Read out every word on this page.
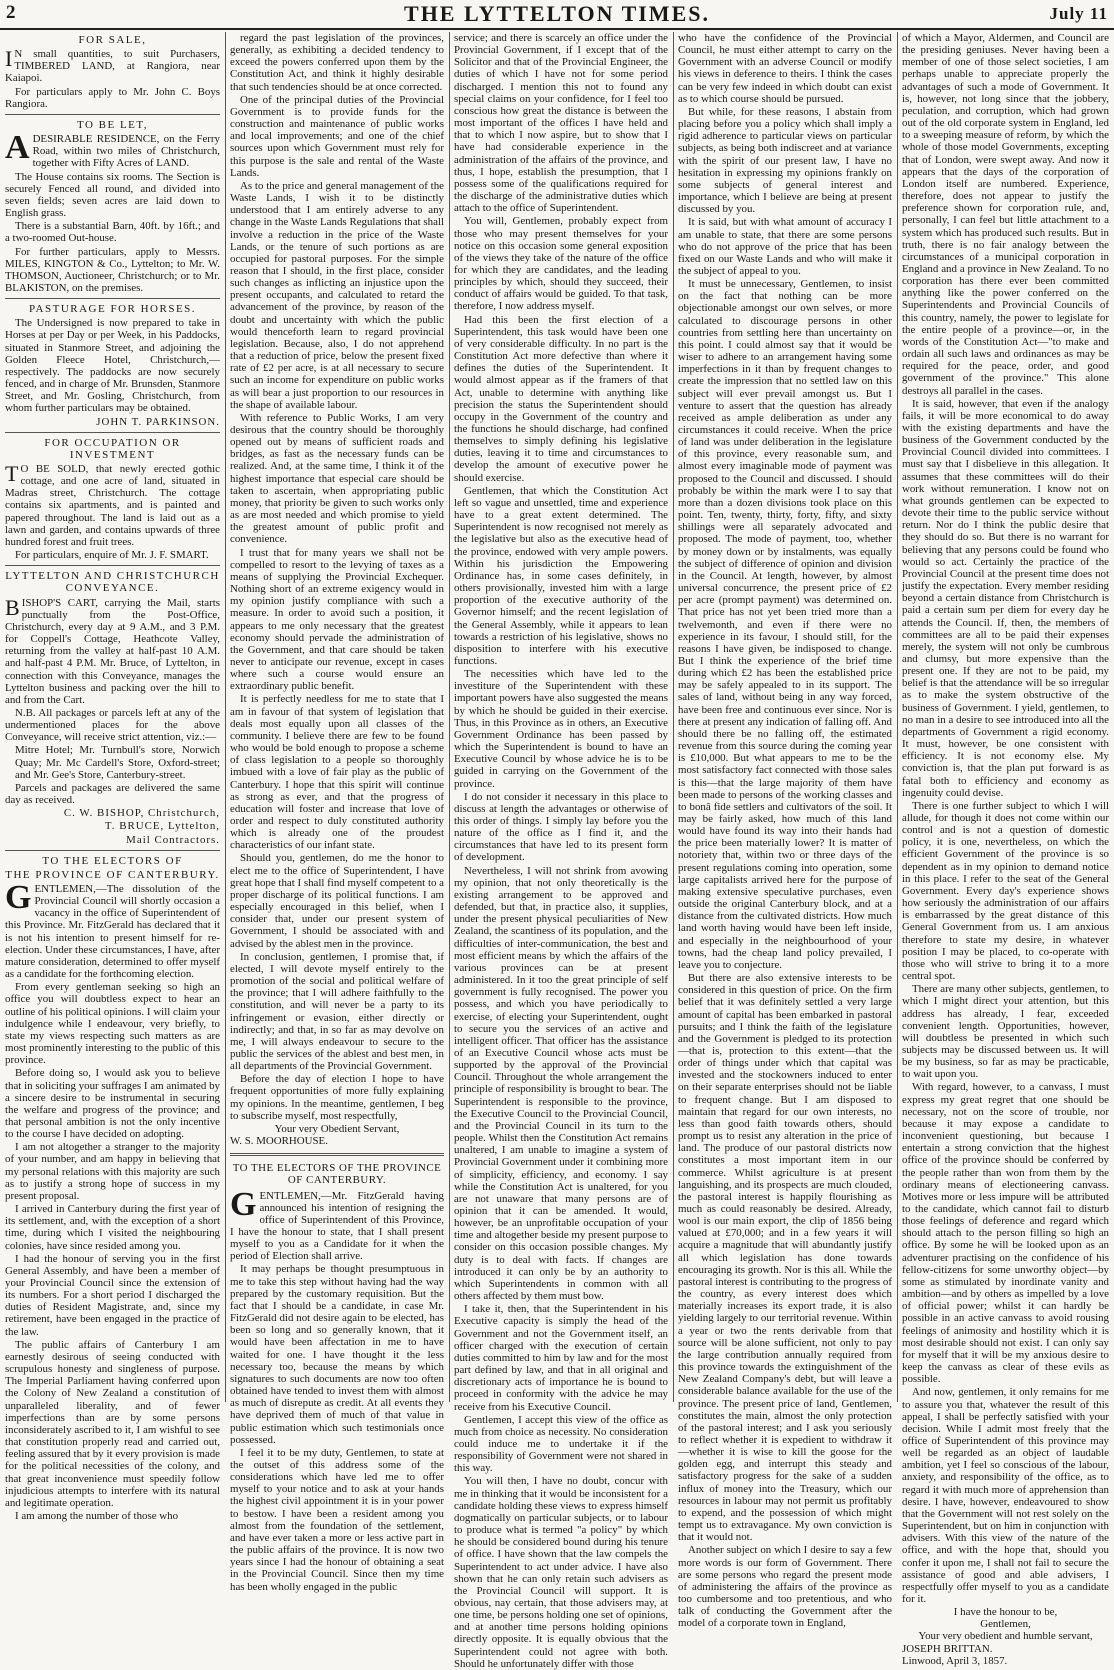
2	THE LYTTELTON TIMES.	July 11
FOR SALE,

I N small quantities, to suit Purchasers, TIMBERED LAND, at Rangiora, near Kaiapoi.

For particulars apply to Mr. John C. Boys Rangiora.

TO BE LET,

ADESIRABLE RESIDENCE, on the Ferry Road, within two miles of Christchurch, together with Fifty Acres of LAND.

The House contains six rooms. The Section is securely Fenced all round, and divided into seven fields; seven acres are laid down to English grass.

There is a substantial Barn, 40ft. by 16ft.; and a two-roomed Out-house.

For further particulars, apply to Messrs. MILES, KINGTON & Co., Lyttelton; to Mr. W. THOMSON, Auctioneer, Christchurch; or to Mr. BLAKISTON, on the premises.

PASTURAGE FOR HORSES.

The Undersigned is now prepared to take in Horses at per Day or per Week, in his Paddocks, situated in Stanmore Street, and adjoining the Golden Fleece Hotel, Christchurch,—respectively. The paddocks are now securely fenced, and in charge of Mr. Brunsden, Stanmore Street, and Mr. Gosling, Christchurch, from whom further particulars may be obtained.

JOHN T. PARKINSON.
FOR OCCUPATION OR INVESTMENT

T O BE SOLD, that newly erected gothic cottage, and one acre of land, situated in Madras street, Christchurch. The cottage contains six apartments, and is painted and papered throughout. The land is laid out as a lawn and garden, and contains upwards of three hundred forest and fruit trees.

For particulars, enquire of Mr. J. F. SMART.

LYTTELTON AND CHRISTCHURCH CONVEYANCE.

BISHOP'S CART, carrying the Mail, starts punctually from the Post-Office, Christchurch, every day at 9 A.M., and 3 P.M. for Coppell's Cottage, Heathcote Valley, returning from the valley at half-past 10 A.M. and half-past 4 P.M. Mr. Bruce, of Lyttelton, in connection with this Conveyance, manages the Lyttelton business and packing over the hill to and from the Cart.

N.B. All packages or parcels left at any of the undermentioned places for the above Conveyance, will receive strict attention, viz.:—

Mitre Hotel; Mr. Turnbull's store, Norwich Quay; Mr. Mc Cardell's Store, Oxford-street; and Mr. Gee's Store, Canterbury-street.

Parcels and packages are delivered the same day as received.

C. W. BISHOP, Christchurch,
T. BRUCE, Lyttelton,
Mail Contractors.
TO THE ELECTORS OF
THE PROVINCE OF CANTERBURY.

GENTLEMEN,—The dissolution of the Provincial Council will shortly occasion a vacancy in the office of Superintendent of this Province. Mr. FitzGerald has declared that it is not his intention to present himself for re-election. Under these circumstances, I have, after mature consideration, determined to offer myself as a candidate for the forthcoming election.

From every gentleman seeking so high an office you will doubtless expect to hear an outline of his political opinions. I will claim your indulgence while I endeavour, very briefly, to state my views respecting such matters as are most prominently interesting to the public of this province.

Before doing so, I would ask you to believe that in soliciting your suffrages I am animated by a sincere desire to be instrumental in securing the welfare and progress of the province; and that personal ambition is not the only incentive to the course I have decided on adopting.

I am not altogether a stranger to the majority of your number, and am happy in believing that my personal relations with this majority are such as to justify a strong hope of success in my present proposal.

I arrived in Canterbury during the first year of its settlement, and, with the exception of a short time, during which I visited the neighbouring colonies, have since resided among you.

I had the honour of serving you in the first General Assembly, and have been a member of your Provincial Council since the extension of its numbers. For a short period I discharged the duties of Resident Magistrate, and, since my retirement, have been engaged in the practice of the law.

The public affairs of Canterbury I am earnestly desirous of seeing conducted with scrupulous honesty and singleness of purpose. The Imperial Parliament having conferred upon the Colony of New Zealand a constitution of unparalleled liberality, and of fewer imperfections than are by some persons inconsiderately ascribed to it, I am wishful to see that constitution properly read and carried out, feeling assured that by it every provision is made for the political necessities of the colony, and that great inconvenience must speedily follow injudicious attempts to interfere with its natural and legitimate operation.

I am among the number of those who

regard the past legislation of the provinces, generally, as exhibiting a decided tendency to exceed the powers conferred upon them by the Constitution Act, and think it highly desirable that such tendencies should be at once corrected.

One of the principal duties of the Provincial Government is to provide funds for the construction and maintenance of public works and local improvements; and one of the chief sources upon which Government must rely for this purpose is the sale and rental of the Waste Lands.

As to the price and general management of the Waste Lands, I wish it to be distinctly understood that I am entirely adverse to any change in the Waste Lands Regulations that shall involve a reduction in the price of the Waste Lands, or the tenure of such portions as are occupied for pastoral purposes. For the simple reason that I should, in the first place, consider such changes as inflicting an injustice upon the present occupants, and calculated to retard the advancement of the province, by reason of the doubt and uncertainty with which the public would thenceforth learn to regard provincial legislation. Because, also, I do not apprehend that a reduction of price, below the present fixed rate of £2 per acre, is at all necessary to secure such an income for expenditure on public works as will bear a just proportion to our resources in the shape of available labour.

With reference to Public Works, I am very desirous that the country should be thoroughly opened out by means of sufficient roads and bridges, as fast as the necessary funds can be realized. And, at the same time, I think it of the highest importance that especial care should be taken to ascertain, when appropriating public money, that priority be given to such works only as are most needed and which promise to yield the greatest amount of public profit and convenience.

I trust that for many years we shall not be compelled to resort to the levying of taxes as a means of supplying the Provincial Exchequer. Nothing short of an extreme exigency would in my opinion justify compliance with such a measure. In order to avoid such a position, it appears to me only necessary that the greatest economy should pervade the administration of the Government, and that care should be taken never to anticipate our revenue, except in cases where such a course would ensure an extraordinary public benefit.

It is perfectly needless for me to state that I am in favour of that system of legislation that deals most equally upon all classes of the community. I believe there are few to be found who would be bold enough to propose a scheme of class legislation to a people so thoroughly imbued with a love of fair play as the public of Canterbury. I hope that this spirit will continue as strong as ever, and that the progress of education will foster and increase that love of order and respect to duly constituted authority which is already one of the proudest characteristics of our infant state.

Should you, gentlemen, do me the honor to elect me to the office of Superintendent, I have great hope that I shall find myself competent to a proper discharge of its political functions. I am especially encouraged in this belief, when I consider that, under our present system of Government, I should be associated with and advised by the ablest men in the province.

In conclusion, gentlemen, I promise that, if elected, I will devote myself entirely to the promotion of the social and political welfare of the province; that I will adhere faithfully to the constitution, and will never be a party to its infringement or evasion, either directly or indirectly; and that, in so far as may devolve on me, I will always endeavour to secure to the public the services of the ablest and best men, in all departments of the Provincial Government.

Before the day of election I hope to have frequent opportunities of more fully explaining my opinions. In the meantime, gentlemen, I beg to subscribe myself, most respectfully,

Your very Obedient Servant,
W. S. MOORHOUSE.
TO THE ELECTORS OF THE PROVINCE
OF CANTERBURY.

GENTLEMEN,—Mr. FitzGerald having announced his intention of resigning the office of Superintendent of this Province, I have the honour to state, that I shall present myself to you as a Candidate for it when the period of Election shall arrive.

It may perhaps be thought presumptuous in me to take this step without having had the way prepared by the customary requisition. But the fact that I should be a candidate, in case Mr. FitzGerald did not desire again to be elected, has been so long and so generally known, that it would have been affectation in me to have waited for one. I have thought it the less necessary too, because the means by which signatures to such documents are now too often obtained have tended to invest them with almost as much of disrepute as credit. At all events they have deprived them of much of that value in public estimation which such testimonials once possessed.

I feel it to be my duty, Gentlemen, to state at the outset of this address some of the considerations which have led me to offer myself to your notice and to ask at your hands the highest civil appointment it is in your power to bestow. I have been a resident among you almost from the foundation of the settlement, and have ever taken a more or less active part in the public affairs of the province. It is now two years since I had the honour of obtaining a seat in the Provincial Council. Since then my time has been wholly engaged in the public

service; and there is scarcely an office under the Provincial Government, if I except that of the Solicitor and that of the Provincial Engineer, the duties of which I have not for some period discharged. I mention this not to found any special claims on your confidence, for I feel too conscious how great the distance is between the most important of the offices I have held and that to which I now aspire, but to show that I have had considerable experience in the administration of the affairs of the province, and thus, I hope, establish the presumption, that I possess some of the qualifications required for the discharge of the administrative duties which attach to the office of Superintendent.

You will, Gentlemen, probably expect from those who may present themselves for your notice on this occasion some general exposition of the views they take of the nature of the office for which they are candidates, and the leading principles by which, should they succeed, their conduct of affairs would be guided. To that task, therefore, I now address myself.

Had this been the first election of a Superintendent, this task would have been one of very considerable difficulty. In no part is the Constitution Act more defective than where it defines the duties of the Superintendent. It would almost appear as if the framers of that Act, unable to determine with anything like precision the status the Superintendent should occupy in the Government of the country and the functions he should discharge, had confined themselves to simply defining his legislative duties, leaving it to time and circumstances to develop the amount of executive power he should exercise.

Gentlemen, that which the Constitution Act left so vague and unsettled, time and experience have to a great extent determined. The Superintendent is now recognised not merely as the legislative but also as the executive head of the province, endowed with very ample powers. Within his jurisdiction the Empowering Ordinance has, in some cases definitely, in others provisionally, invested him with a large proportion of the executive authority of the Governor himself; and the recent legislation of the General Assembly, while it appears to lean towards a restriction of his legislative, shows no disposition to interfere with his executive functions.

The necessities which have led to the investiture of the Superintendent with these important powers have also suggested the means by which he should be guided in their exercise. Thus, in this Province as in others, an Executive Government Ordinance has been passed by which the Superintendent is bound to have an Executive Council by whose advice he is to be guided in carrying on the Government of the province.

I do not consider it necessary in this place to discuss at length the advantages or otherwise of this order of things. I simply lay before you the nature of the office as I find it, and the circumstances that have led to its present form of development.

Nevertheless, I will not shrink from avowing my opinion, that not only theoretically is the existing arrangement to be approved and defended, but that, in practice also, it supplies, under the present physical peculiarities of New Zealand, the scantiness of its population, and the difficulties of inter-communication, the best and most efficient means by which the affairs of the various provinces can be at present administered. In it too the great principle of self government is fully recognised. The power you possess, and which you have periodically to exercise, of electing your Superintendent, ought to secure you the services of an active and intelligent officer. That officer has the assistance of an Executive Council whose acts must be supported by the approval of the Provincial Council. Throughout the whole arrangement the principle of responsibility is brought to bear. The Superintendent is responsible to the province, the Executive Council to the Provincial Council, and the Provincial Council in its turn to the people. Whilst then the Constitution Act remains unaltered, I am unable to imagine a system of Provincial Government under it combining more of simplicity, efficiency, and economy. I say while the Constitution Act is unaltered, for you are not unaware that many persons are of opinion that it can be amended. It would, however, be an unprofitable occupation of your time and altogether beside my present purpose to consider on this occasion possible changes. My duty is to deal with facts. If changes are introduced it can only be by an authority to which Superintendents in common with all others affected by them must bow.

I take it, then, that the Superintendent in his Executive capacity is simply the head of the Government and not the Government itself, an officer charged with the execution of certain duties committed to him by law and for the most part defined by law, and that in all original and discretionary acts of importance he is bound to proceed in conformity with the advice he may receive from his Executive Council.

Gentlemen, I accept this view of the office as much from choice as necessity. No consideration could induce me to undertake it if the responsibility of Government were not shared in this way.

You will then, I have no doubt, concur with me in thinking that it would be inconsistent for a candidate holding these views to express himself dogmatically on particular subjects, or to labour to produce what is termed "a policy" by which he should be considered bound during his tenure of office. I have shown that the law compels the Superintendent to act under advice. I have also shown that he can only retain such advisers as the Provincial Council will support. It is obvious, nay certain, that those advisers may, at one time, be persons holding one set of opinions, and at another time persons holding opinions directly opposite. It is equally obvious that the Superintendent could not agree with both. Should he unfortunately differ with those

who have the confidence of the Provincial Council, he must either attempt to carry on the Government with an adverse Council or modify his views in deference to theirs. I think the cases can be very few indeed in which doubt can exist as to which course should be pursued.

But while, for these reasons, I abstain from placing before you a policy which shall imply a rigid adherence to particular views on particular subjects, as being both indiscreet and at variance with the spirit of our present law, I have no hesitation in expressing my opinions frankly on some subjects of general interest and importance, which I believe are being at present discussed by you.

It is said, but with what amount of accuracy I am unable to state, that there are some persons who do not approve of the price that has been fixed on our Waste Lands and who will make it the subject of appeal to you.

It must be unnecessary, Gentlemen, to insist on the fact that nothing can be more objectionable amongst our own selves, or more calculated to discourage persons in other countries from settling here than uncertainty on this point. I could almost say that it would be wiser to adhere to an arrangement having some imperfections in it than by frequent changes to create the impression that no settled law on this subject will ever prevail amongst us. But I venture to assert that the question has already received as ample deliberation as under any circumstances it could receive. When the price of land was under deliberation in the legislature of this province, every reasonable sum, and almost every imaginable mode of payment was proposed to the Council and discussed. I should probably be within the mark were I to say that more than a dozen divisions took place on this point. Ten, twenty, thirty, forty, fifty, and sixty shillings were all separately advocated and proposed. The mode of payment, too, whether by money down or by instalments, was equally the subject of difference of opinion and division in the Council. At length, however, by almost universal concurrence, the present price of £2 per acre (prompt payment) was determined on. That price has not yet been tried more than a twelvemonth, and even if there were no experience in its favour, I should still, for the reasons I have given, be indisposed to change. But I think the experience of the brief time during which £2 has been the established price may be safely appealed to in its support. The sales of land, without being in any way forced, have been free and continuous ever since. Nor is there at present any indication of falling off. And should there be no falling off, the estimated revenue from this source during the coming year is £10,000. But what appears to me to be the most satisfactory fact connected with those sales is this—that the large majority of them have been made to persons of the working classes and to bonâ fide settlers and cultivators of the soil. It may be fairly asked, how much of this land would have found its way into their hands had the price been materially lower? It is matter of notoriety that, within two or three days of the present regulations coming into operation, some large capitalists arrived here for the purpose of making extensive speculative purchases, even outside the original Canterbury block, and at a distance from the cultivated districts. How much land worth having would have been left inside, and especially in the neighbourhood of your towns, had the cheap land policy prevailed, I leave you to conjecture.

But there are also extensive interests to be considered in this question of price. On the firm belief that it was definitely settled a very large amount of capital has been embarked in pastoral pursuits; and I think the faith of the legislature and the Government is pledged to its protection—that is, protection to this extent—that the order of things under which that capital was invested and the stockowners induced to enter on their separate enterprises should not be liable to frequent change. But I am disposed to maintain that regard for our own interests, no less than good faith towards others, should prompt us to resist any alteration in the price of land. The produce of our pastoral districts now constitutes a most important item in our commerce. Whilst agriculture is at present languishing, and its prospects are much clouded, the pastoral interest is happily flourishing as much as could reasonably be desired. Already, wool is our main export, the clip of 1856 being valued at £70,000; and in a few years it will acquire a magnitude that will abundantly justify all which legislation has done towards encouraging its growth. Nor is this all. While the pastoral interest is contributing to the progress of the country, as every interest does which materially increases its export trade, it is also yielding largely to our territorial revenue. Within a year or two the rents derivable from that source will be alone sufficient, not only to pay the large contribution annually required from this province towards the extinguishment of the New Zealand Company's debt, but will leave a considerable balance available for the use of the province. The present price of land, Gentlemen, constitutes the main, almost the only protection of the pastoral interest; and I ask you seriously to reflect whether it is expedient to withdraw it—whether it is wise to kill the goose for the golden egg, and interrupt this steady and satisfactory progress for the sake of a sudden influx of money into the Treasury, which our resources in labour may not permit us profitably to expend, and the possession of which might tempt us to extravagance. My own conviction is that it would not.

Another subject on which I desire to say a few more words is our form of Government. There are some persons who regard the present mode of administering the affairs of the province as too cumbersome and too pretentious, and who talk of conducting the Government after the model of a corporate town in England,

of which a Mayor, Aldermen, and Council are the presiding geniuses. Never having been a member of one of those select societies, I am perhaps unable to appreciate properly the advantages of such a mode of Government. It is, however, not long since that the jobbery, peculation, and corruption, which had grown out of the old corporate system in England, led to a sweeping measure of reform, by which the whole of those model Governments, excepting that of London, were swept away. And now it appears that the days of the corporation of London itself are numbered. Experience, therefore, does not appear to justify the preference shown for corporation rule, and, personally, I can feel but little attachment to a system which has produced such results. But in truth, there is no fair analogy between the circumstances of a municipal corporation in England and a province in New Zealand. To no corporation has there ever been committed anything like the power conferred on the Superintendents and Provincial Councils of this country, namely, the power to legislate for the entire people of a province—or, in the words of the Constitution Act—"to make and ordain all such laws and ordinances as may be required for the peace, order, and good government of the province." This alone destroys all parallel in the cases.

It is said, however, that even if the analogy fails, it will be more economical to do away with the existing departments and have the business of the Government conducted by the Provincial Council divided into committees. I must say that I disbelieve in this allegation. It assumes that these committees will do their work without remuneration. I know not on what grounds gentlemen can be expected to devote their time to the public service without return. Nor do I think the public desire that they should do so. But there is no warrant for believing that any persons could be found who would so act. Certainly the practice of the Provincial Council at the present time does not justify the expectation. Every member residing beyond a certain distance from Christchurch is paid a certain sum per diem for every day he attends the Council. If, then, the members of committees are all to be paid their expenses merely, the system will not only be cumbrous and clumsy, but more expensive than the present one. If they are not to be paid, my belief is that the attendance will be so irregular as to make the system obstructive of the business of Government. I yield, gentlemen, to no man in a desire to see introduced into all the departments of Government a rigid economy. It must, however, be one consistent with efficiency. It is not economy else. My conviction is, that the plan put forward is as fatal both to efficiency and economy as ingenuity could devise.

There is one further subject to which I will allude, for though it does not come within our control and is not a question of domestic policy, it is one, nevertheless, on which the efficient Government of the province is so dependent as in my opinion to demand notice in this place. I refer to the seat of the General Government. Every day's experience shows how seriously the administration of our affairs is embarrassed by the great distance of this General Government from us. I am anxious therefore to state my desire, in whatever position I may be placed, to co-operate with those who will strive to bring it to a more central spot.

There are many other subjects, gentlemen, to which I might direct your attention, but this address has already, I fear, exceeded convenient length. Opportunities, however, will doubtless be presented in which such subjects may be discussed between us. It will be my business, so far as may be practicable, to wait upon you.

With regard, however, to a canvass, I must express my great regret that one should be necessary, not on the score of trouble, nor because it may expose a candidate to inconvenient questioning, but because I entertain a strong conviction that the highest office of the province should be conferred by the people rather than won from them by the ordinary means of electioneering canvass. Motives more or less impure will be attributed to the candidate, which cannot fail to disturb those feelings of deference and regard which should attach to the person filling so high an office. By some he will be looked upon as an adventurer practising on the confidence of his fellow-citizens for some unworthy object—by some as stimulated by inordinate vanity and ambition—and by others as impelled by a love of official power; whilst it can hardly be possible in an active canvass to avoid rousing feelings of animosity and hostility which it is most desirable should not exist. I can only say for myself that it will be my anxious desire to keep the canvass as clear of these evils as possible.

And now, gentlemen, it only remains for me to assure you that, whatever the result of this appeal, I shall be perfectly satisfied with your decision. While I admit most freely that the office of Superintendent of this province may well be regarded as an object of laudable ambition, yet I feel so conscious of the labour, anxiety, and responsibility of the office, as to regard it with much more of apprehension than desire. I have, however, endeavoured to show that the Government will not rest solely on the Superintendent, but on him in conjunction with advisers. With this view of the nature of the office, and with the hope that, should you confer it upon me, I shall not fail to secure the assistance of good and able advisers, I respectfully offer myself to you as a candidate for it.

I have the honour to be,
Gentlemen,
Your very obedient and humble servant,
JOSEPH BRITTAN.
Linwood, April 3, 1857.
